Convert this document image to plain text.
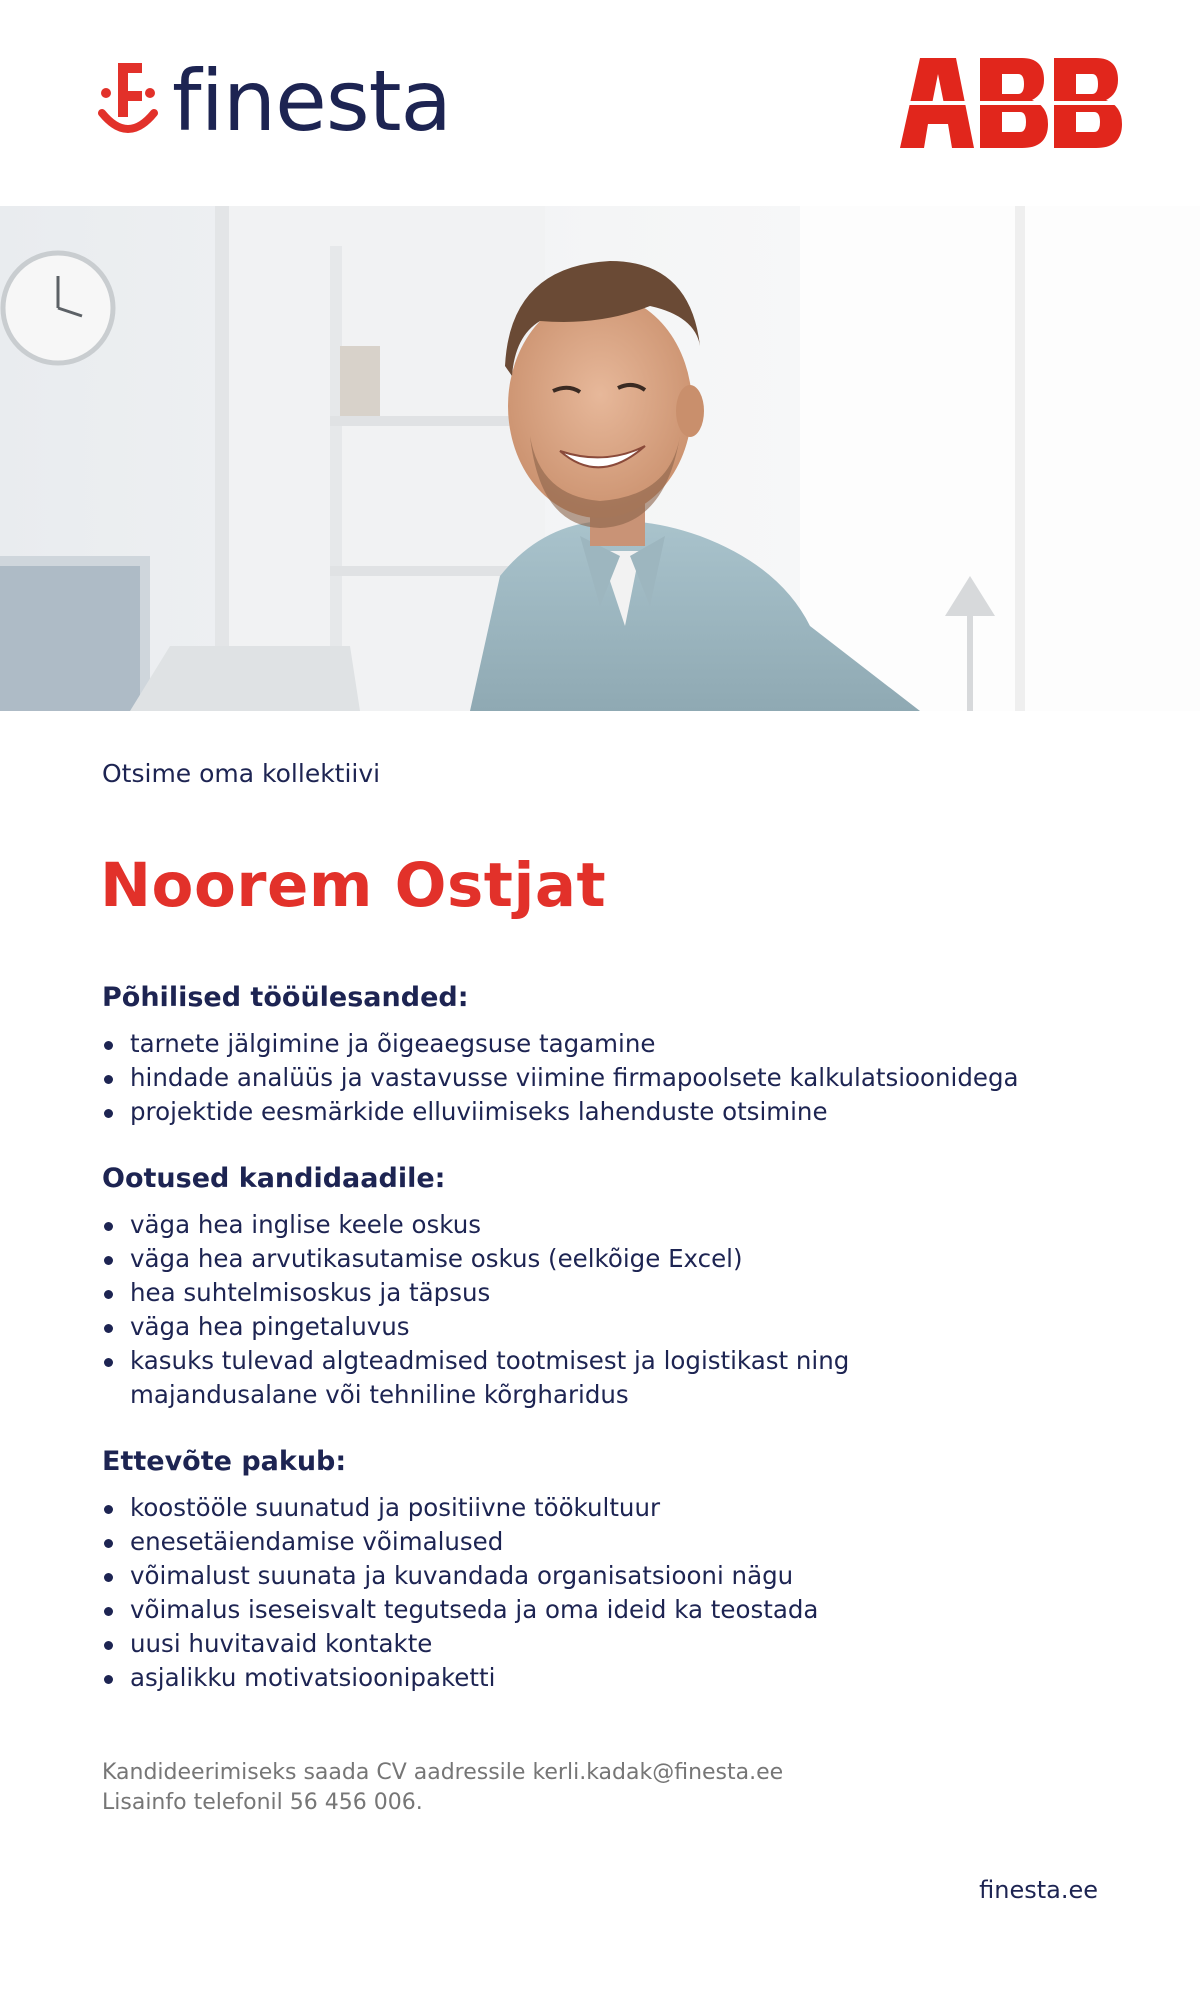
finesta
Otsime oma kollektiivi
Noorem Ostjat
Põhilised tööülesanded:
tarnete jälgimine ja õigeaegsuse tagamine
hindade analüüs ja vastavusse viimine firmapoolsete kalkulatsioonidega
projektide eesmärkide elluviimiseks lahenduste otsimine
Ootused kandidaadile:
väga hea inglise keele oskus
väga hea arvutikasutamise oskus (eelkõige Excel)
hea suhtelmisoskus ja täpsus
väga hea pingetaluvus
kasuks tulevad algteadmised tootmisest ja logistikast ning majandusalane või tehniline kõrgharidus
Ettevõte pakub:
koostööle suunatud ja positiivne töökultuur
enesetäiendamise võimalused
võimalust suunata ja kuvandada organisatsiooni nägu
võimalus iseseisvalt tegutseda ja oma ideid ka teostada
uusi huvitavaid kontakte
asjalikku motivatsioonipaketti
Kandideerimiseks saada CV aadressile kerli.kadak@finesta.ee
Lisainfo telefonil 56 456 006.
finesta.ee
